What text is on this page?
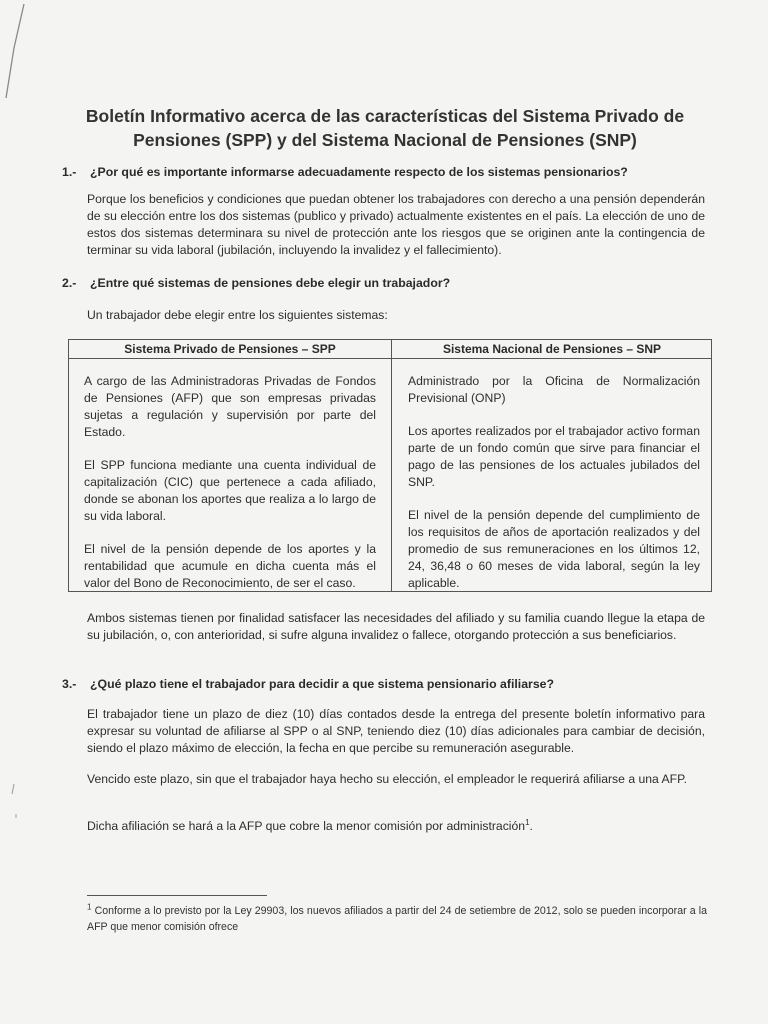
Boletín Informativo acerca de las características del Sistema Privado de
Pensiones (SPP) y del Sistema Nacional de Pensiones (SNP)
1.- ¿Por qué es importante informarse adecuadamente respecto de los sistemas pensionarios?
Porque los beneficios y condiciones que puedan obtener los trabajadores con derecho a una pensión dependerán de su elección entre los dos sistemas (publico y privado) actualmente existentes en el país. La elección de uno de estos dos sistemas determinara su nivel de protección ante los riesgos que se originen ante la contingencia de terminar su vida laboral (jubilación, incluyendo la invalidez y el fallecimiento).
2.- ¿Entre qué sistemas de pensiones debe elegir un trabajador?
Un trabajador debe elegir entre los siguientes sistemas:
Sistema Privado de Pensiones – SPP	Sistema Nacional de Pensiones – SNP

A cargo de las Administradoras Privadas de Fondos de Pensiones (AFP) que son empresas privadas sujetas a regulación y supervisión por parte del Estado.

El SPP funciona mediante una cuenta individual de capitalización (CIC) que pertenece a cada afiliado, donde se abonan los aportes que realiza a lo largo de su vida laboral.

El nivel de la pensión depende de los aportes y la rentabilidad que acumule en dicha cuenta más el valor del Bono de Reconocimiento, de ser el caso.

Administrado por la Oficina de Normalización Previsional (ONP)

Los aportes realizados por el trabajador activo forman parte de un fondo común que sirve para financiar el pago de las pensiones de los actuales jubilados del SNP.

El nivel de la pensión depende del cumplimiento de los requisitos de años de aportación realizados y del promedio de sus remuneraciones en los últimos 12, 24, 36,48 o 60 meses de vida laboral, según la ley aplicable.

Ambos sistemas tienen por finalidad satisfacer las necesidades del afiliado y su familia cuando llegue la etapa de su jubilación, o, con anterioridad, si sufre alguna invalidez o fallece, otorgando protección a sus beneficiarios.
3.- ¿Qué plazo tiene el trabajador para decidir a que sistema pensionario afiliarse?
El trabajador tiene un plazo de diez (10) días contados desde la entrega del presente boletín informativo para expresar su voluntad de afiliarse al SPP o al SNP, teniendo diez (10) días adicionales para cambiar de decisión, siendo el plazo máximo de elección, la fecha en que percibe su remuneración asegurable.
Vencido este plazo, sin que el trabajador haya hecho su elección, el empleador le requerirá afiliarse a una AFP.
Dicha afiliación se hará a la AFP que cobre la menor comisión por administración$^1$.
$^1$ Conforme a lo previsto por la Ley 29903, los nuevos afiliados a partir del 24 de setiembre de 2012, solo se pueden incorporar a la AFP que menor comisión ofrece
